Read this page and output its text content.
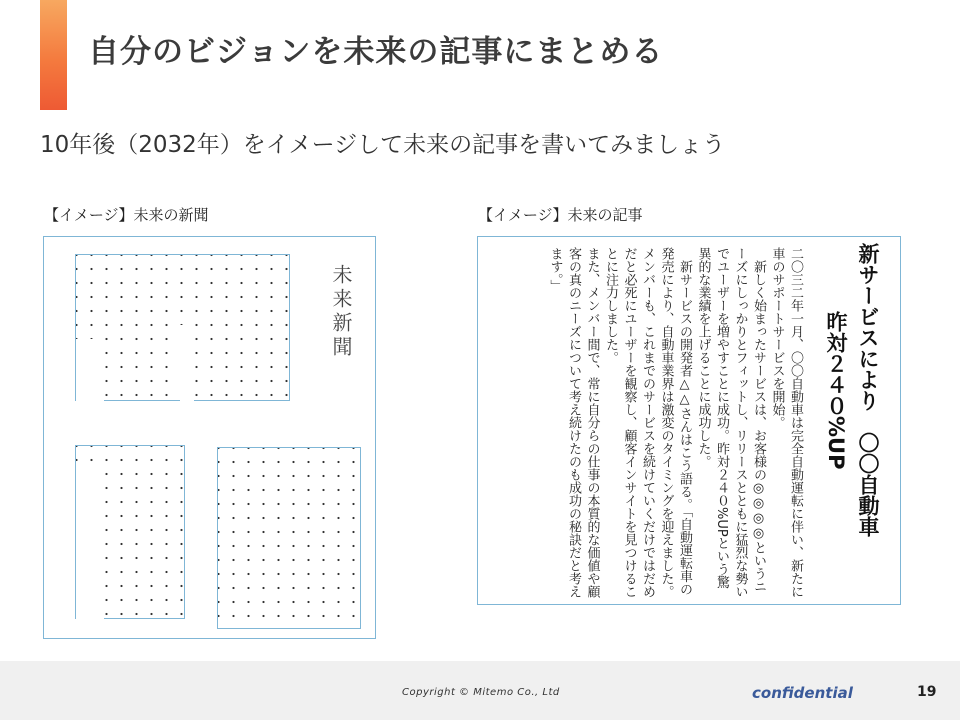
自分のビジョンを未来の記事にまとめる
10年後（2032年）をイメージして未来の記事を書いてみましょう
【イメージ】未来の新聞	【イメージ】未来の記事
未来新聞	新サービスにより　〇〇自動車
昨対２４０%UP

二〇三二年一月、〇〇自動車は完全自動運転に伴い、新たに車のサポートサービスを開始。

　新しく始まったサービスは、お客様の◎◎◎◎というニーズにしっかりとフィットし、リリースとともに猛烈な勢いでユーザーを増やすことに成功。昨対２４０%UPという驚異的な業績を上げることに成功した。

　新サービスの開発者△△さんはこう語る。「自動運転車の発売により、自動車業界は激変のタイミングを迎えました。メンバーも、これまでのサービスを続けていくだけではだめだと必死にユーザーを観察し、顧客インサイトを見つけることに注力しました。

また、メンバー間で、常に自分らの仕事の本質的な価値や顧客の真のニーズについて考え続けたのも成功の秘訣だと考えます。」

Copyright © Mitemo Co., Ltd	confidential	19
